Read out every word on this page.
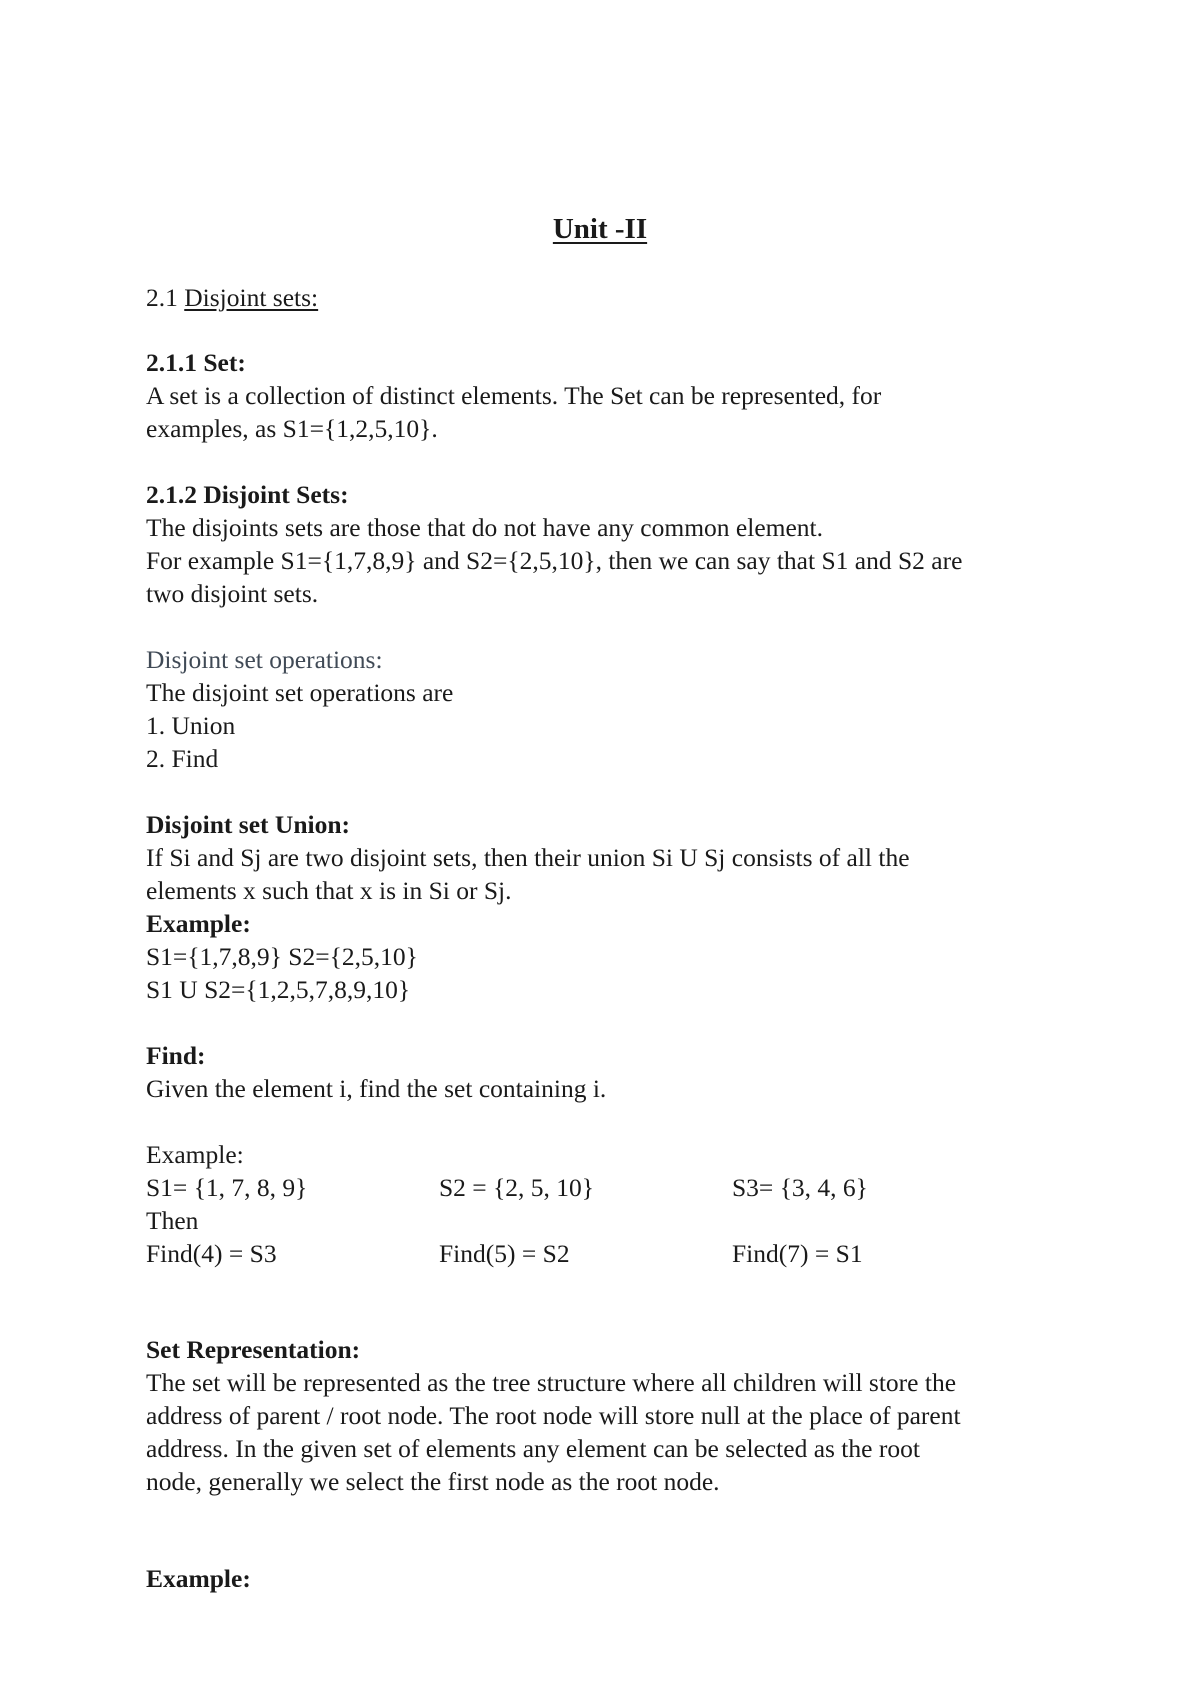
Unit -II

2.1 Disjoint sets:

2.1.1 Set:

A set is a collection of distinct elements. The Set can be represented, for

examples, as S1={1,2,5,10}.

2.1.2 Disjoint Sets:

The disjoints sets are those that do not have any common element.

For example S1={1,7,8,9} and S2={2,5,10}, then we can say that S1 and S2 are

two disjoint sets.

Disjoint set operations:

The disjoint set operations are

1. Union

2. Find

Disjoint set Union:

If Si and Sj are two disjoint sets, then their union Si U Sj consists of all the

elements x such that x is in Si or Sj.

Example:

S1={1,7,8,9} S2={2,5,10}

S1 U S2={1,2,5,7,8,9,10}

Find:

Given the element i, find the set containing i.

Example:

S1= {1, 7, 8, 9}	S2 = {2, 5, 10}	S3= {3, 4, 6}

Then

Find(4) = S3	Find(5) = S2	Find(7) = S1

Set Representation:

The set will be represented as the tree structure where all children will store the

address of parent / root node. The root node will store null at the place of parent

address. In the given set of elements any element can be selected as the root

node, generally we select the first node as the root node.

Example:
